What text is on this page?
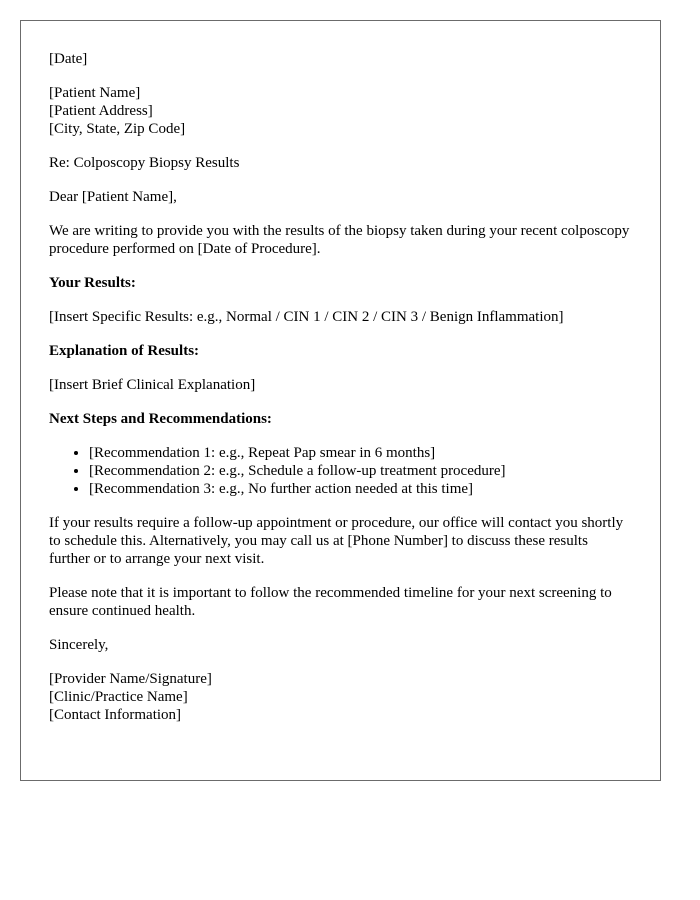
[Date]

[Patient Name]
[Patient Address]
[City, State, Zip Code]

Re: Colposcopy Biopsy Results

Dear [Patient Name],

We are writing to provide you with the results of the biopsy taken during your recent colposcopy procedure performed on [Date of Procedure].

Your Results:

[Insert Specific Results: e.g., Normal / CIN 1 / CIN 2 / CIN 3 / Benign Inflammation]

Explanation of Results:

[Insert Brief Clinical Explanation]

Next Steps and Recommendations:

• [Recommendation 1: e.g., Repeat Pap smear in 6 months]
• [Recommendation 2: e.g., Schedule a follow-up treatment procedure]
• [Recommendation 3: e.g., No further action needed at this time]

If your results require a follow-up appointment or procedure, our office will contact you shortly to schedule this. Alternatively, you may call us at [Phone Number] to discuss these results further or to arrange your next visit.

Please note that it is important to follow the recommended timeline for your next screening to ensure continued health.

Sincerely,

[Provider Name/Signature]
[Clinic/Practice Name]
[Contact Information]
